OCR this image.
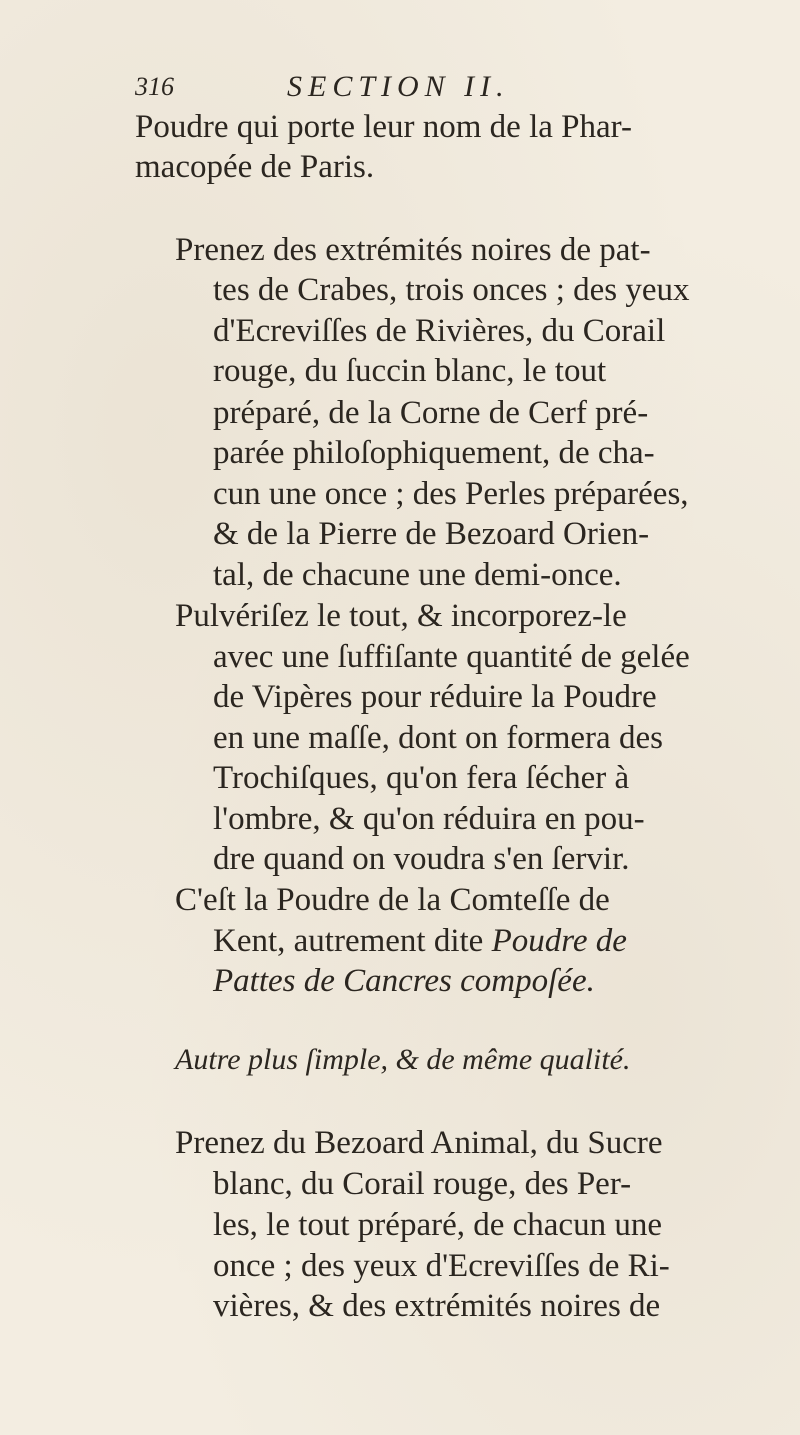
316	SECTION II.
Poudre qui porte leur nom de la Phar-
macopée de Paris.
Prenez des extrémités noires de pat-
tes de Crabes, trois onces ; des yeux
d'Ecreviſſes de Rivières, du Corail
rouge, du ſuccin blanc, le tout
préparé, de la Corne de Cerf pré-
parée philoſophiquement, de cha-
cun une once ; des Perles préparées,
& de la Pierre de Bezoard Orien-
tal, de chacune une demi-once.
Pulvériſez le tout, & incorporez-le
avec une ſuffiſante quantité de gelée
de Vipères pour réduire la Poudre
en une maſſe, dont on formera des
Trochiſques, qu'on fera ſécher à
l'ombre, & qu'on réduira en pou-
dre quand on voudra s'en ſervir.
C'eſt la Poudre de la Comteſſe de
Kent, autrement dite Poudre de
Pattes de Cancres compoſée.
Autre plus ſimple, & de même qualité.
Prenez du Bezoard Animal, du Sucre
blanc, du Corail rouge, des Per-
les, le tout préparé, de chacun une
once ; des yeux d'Ecreviſſes de Ri-
vières, & des extrémités noires de
